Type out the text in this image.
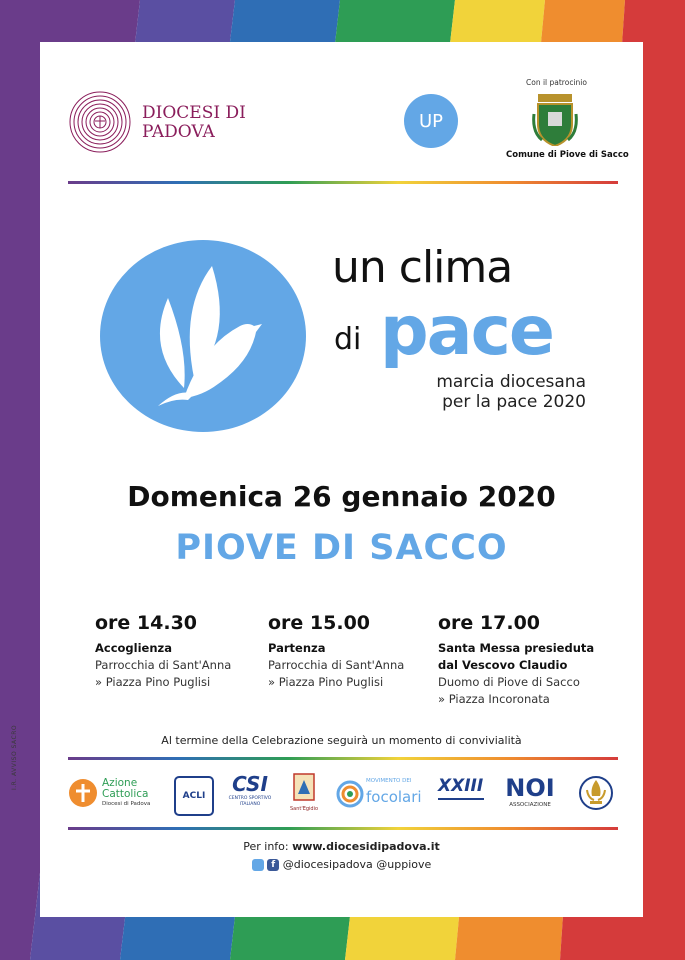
I.R. AVVISO SACRO
DIOCESI DI
PADOVA
UP
Con il patrocinio
Comune di Piove di Sacco
un clima
di pace
marcia diocesana
per la pace 2020
Domenica 26 gennaio 2020
PIOVE DI SACCO
ore 14.30
Accoglienza
Parrocchia di Sant'Anna
» Piazza Pino Puglisi
ore 15.00
Partenza
Parrocchia di Sant'Anna
» Piazza Pino Puglisi
ore 17.00
Santa Messa presieduta
dal Vescovo Claudio
Duomo di Piove di Sacco
» Piazza Incoronata
Al termine della Celebrazione seguirà un momento di convivialità
Azione Cattolica
Diocesi di Padova
ACLI CSI
CENTRO SPORTIVO ITALIANO
Sant'Egidio
MOVIMENTO DEI
focolari
XXIII NOI
ASSOCIAZIONE
Per info: www.diocesidipadova.it
f @diocesipadova @uppiove
